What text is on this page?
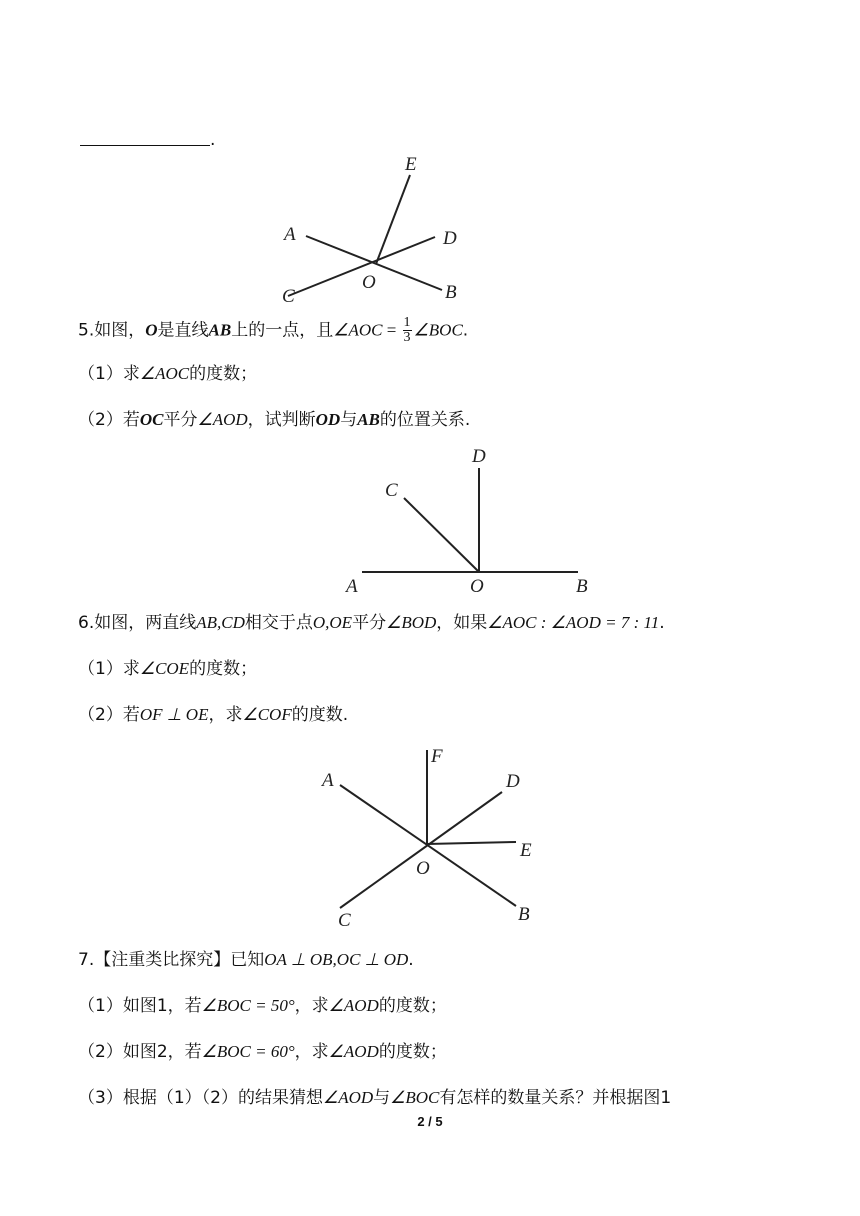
.
E
A	D
O
C	B
5.如图，O是直线AB上的一点，且∠AOC = $\frac{1}{3}$ ∠BOC.
（1）求∠AOC的度数；
（2）若OC平分∠AOD，试判断OD与AB的位置关系.
D
C
A	O	B
6.如图，两直线AB,CD相交于点O,OE平分∠BOD，如果∠AOC : ∠AOD = 7 : 11.
（1）求∠COE的度数；
（2）若OF ⊥ OE，求∠COF的度数.
F
A	D
E
O
C	B
7.【注重类比探究】已知OA ⊥ OB,OC ⊥ OD.
（1）如图1，若∠BOC = 50°，求∠AOD的度数；
（2）如图2，若∠BOC = 60°，求∠AOD的度数；
（3）根据（1）（2）的结果猜想∠AOD与∠BOC有怎样的数量关系？并根据图1
2 / 5
